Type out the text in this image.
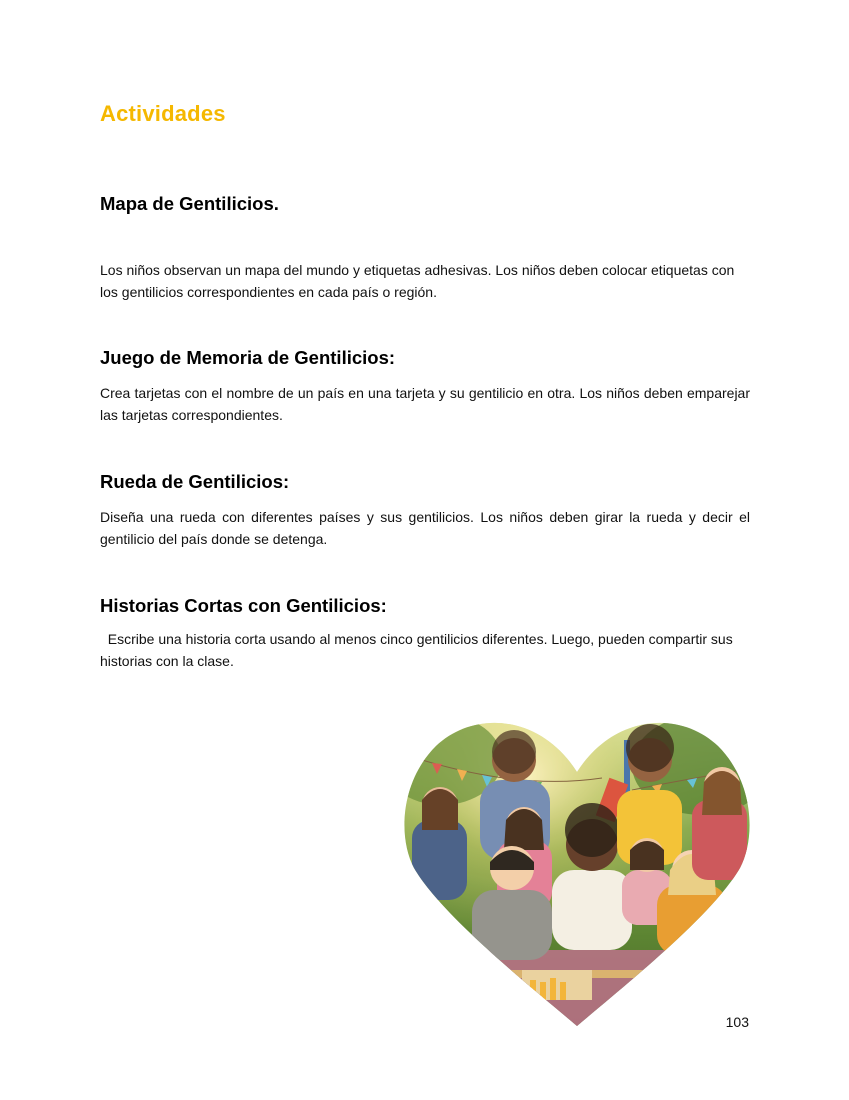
Actividades
Mapa de Gentilicios.

Los niños observan un mapa del mundo y etiquetas adhesivas. Los niños deben colocar etiquetas con los gentilicios correspondientes en cada país o región.

Juego de Memoria de Gentilicios:

Crea tarjetas con el nombre de un país en una tarjeta y su gentilicio en otra. Los niños deben emparejar las tarjetas correspondientes.

Rueda de Gentilicios:

Diseña una rueda con diferentes países y sus gentilicios. Los niños deben girar la rueda y decir el gentilicio del país donde se detenga.

Historias Cortas con Gentilicios:

Escribe una historia corta usando al menos cinco gentilicios diferentes. Luego, pueden compartir sus historias con la clase.

103
